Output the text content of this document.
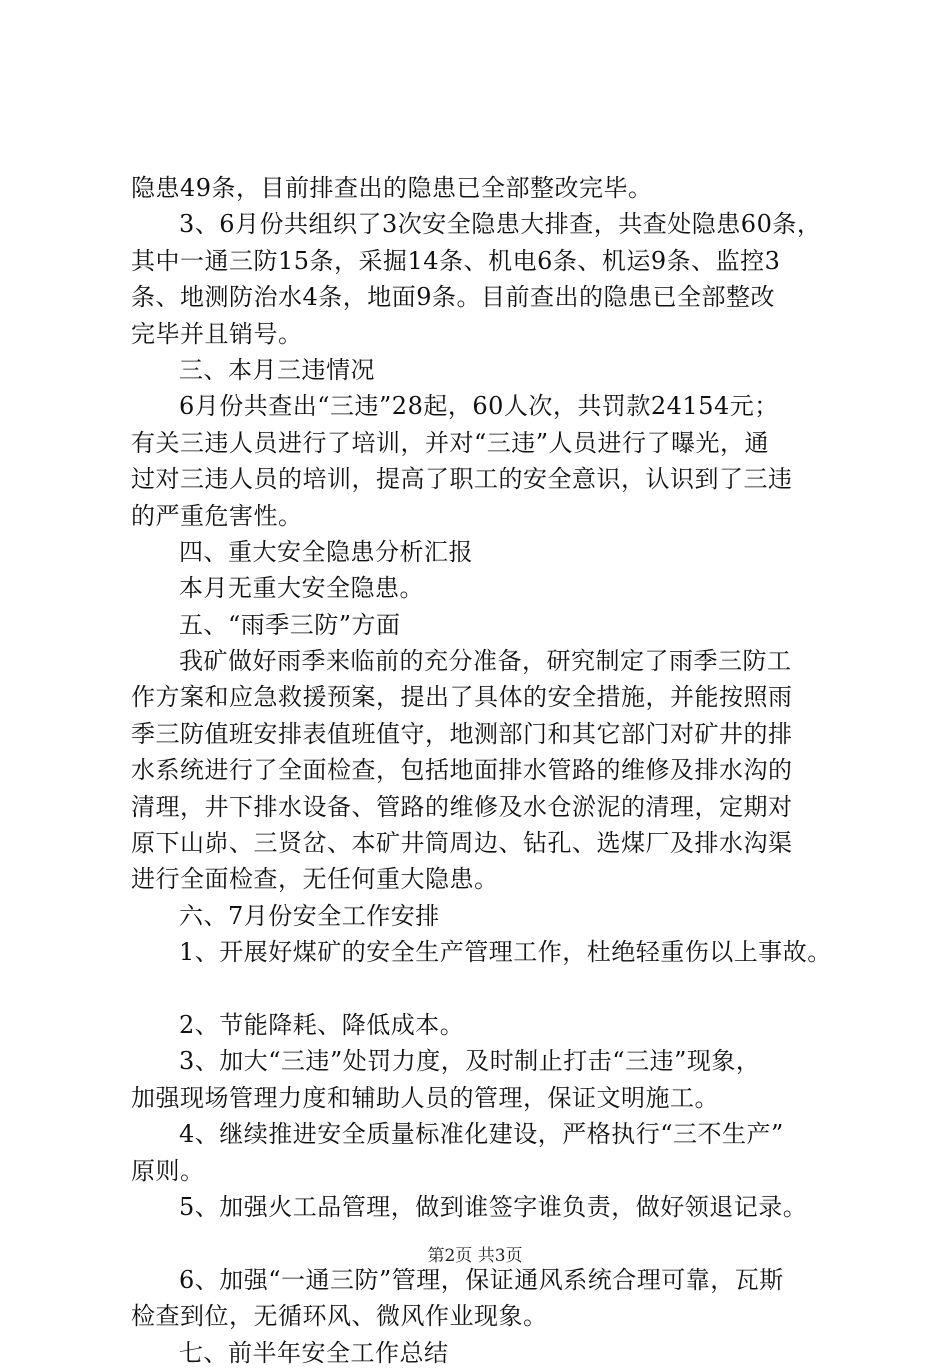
隐患49条，目前排查出的隐患已全部整改完毕。
3、6月份共组织了3次安全隐患大排查，共查处隐患60条，
其中一通三防15条，采掘14条、机电6条、机运9条、监控3
条、地测防治水4条，地面9条。目前查出的隐患已全部整改
完毕并且销号。
三、本月三违情况
6月份共查出“三违”28起，60人次，共罚款24154元；
有关三违人员进行了培训，并对“三违”人员进行了曝光，通
过对三违人员的培训，提高了职工的安全意识，认识到了三违
的严重危害性。
四、重大安全隐患分析汇报
本月无重大安全隐患。
五、“雨季三防”方面
我矿做好雨季来临前的充分准备，研究制定了雨季三防工
作方案和应急救援预案，提出了具体的安全措施，并能按照雨
季三防值班安排表值班值守，地测部门和其它部门对矿井的排
水系统进行了全面检查，包括地面排水管路的维修及排水沟的
清理，井下排水设备、管路的维修及水仓淤泥的清理，定期对
原下山峁、三贤岔、本矿井筒周边、钻孔、选煤厂及排水沟渠
进行全面检查，无任何重大隐患。
六、7月份安全工作安排
1、开展好煤矿的安全生产管理工作，杜绝轻重伤以上事故。
2、节能降耗、降低成本。
3、加大“三违”处罚力度，及时制止打击“三违”现象，
加强现场管理力度和辅助人员的管理，保证文明施工。
4、继续推进安全质量标准化建设，严格执行“三不生产”
原则。
5、加强火工品管理，做到谁签字谁负责，做好领退记录。
6、加强“一通三防”管理，保证通风系统合理可靠，瓦斯
检查到位，无循环风、微风作业现象。
七、前半年安全工作总结
第2页 共3页
